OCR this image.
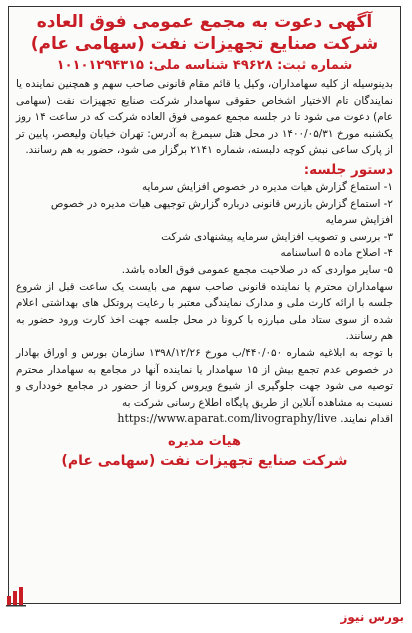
آگهی دعوت به مجمع عمومی فوق العاده
شرکت صنایع تجهیزات نفت (سهامی عام)
شماره ثبت: ۴۹۶۲۸ شناسه ملی: ۱۰۱۰۱۲۹۴۳۱۵

بدینوسیله از کلیه سهامداران، وکیل یا قائم مقام قانونی صاحب سهم و همچنین نماینده یا نمایندگان تام الاختیار اشخاص حقوقی سهامدار شرکت صنایع تجهیزات نفت (سهامی عام) دعوت می شود تا در جلسه مجمع عمومی فوق العاده شرکت که در ساعت ۱۴ روز یکشنبه مورخ ۱۴۰۰/۰۵/۳۱ در محل هتل سیمرغ به آدرس: تهران خیابان ولیعصر، پایین تر از پارک ساعی نبش کوچه دلبسته، شماره ۲۱۴۱ برگزار می شود، حضور به هم رسانند.

دستور جلسه:
۱- استماع گزارش هیات مدیره در خصوص افزایش سرمایه
۲- استماع گزارش بازرس قانونی درباره گزارش توجیهی هیات مدیره در خصوص افزایش سرمایه
۳- بررسی و تصویب افزایش سرمایه پیشنهادی شرکت
۴- اصلاح ماده ۵ اساسنامه
۵- سایر مواردی که در صلاحیت مجمع عمومی فوق العاده باشد.

سهامداران محترم یا نماینده قانونی صاحب سهم می بایست یک ساعت قبل از شروع جلسه با ارائه کارت ملی و مدارک نمایندگی معتبر با رعایت پروتکل های بهداشتی اعلام شده از سوی ستاد ملی مبارزه با کرونا در محل جلسه جهت اخذ کارت ورود حضور به هم رسانند.

با توجه به ابلاغیه شماره ۴۴۰/۰۵۰/ب مورخ ۱۳۹۸/۱۲/۲۶ سازمان بورس و اوراق بهادار در خصوص عدم تجمع بیش از ۱۵ سهامدار یا نماینده آنها در مجامع به سهامدار محترم توصیه می شود جهت جلوگیری از شیوع ویروس کرونا از حضور در مجامع خودداری و نسبت به مشاهده آنلاین از طریق پایگاه اطلاع رسانی شرکت به

اقدام نمایند. https://www.aparat.com/livography/live
هیات مدیره
شرکت صنایع تجهیزات نفت (سهامی عام)
بورس نیوز
